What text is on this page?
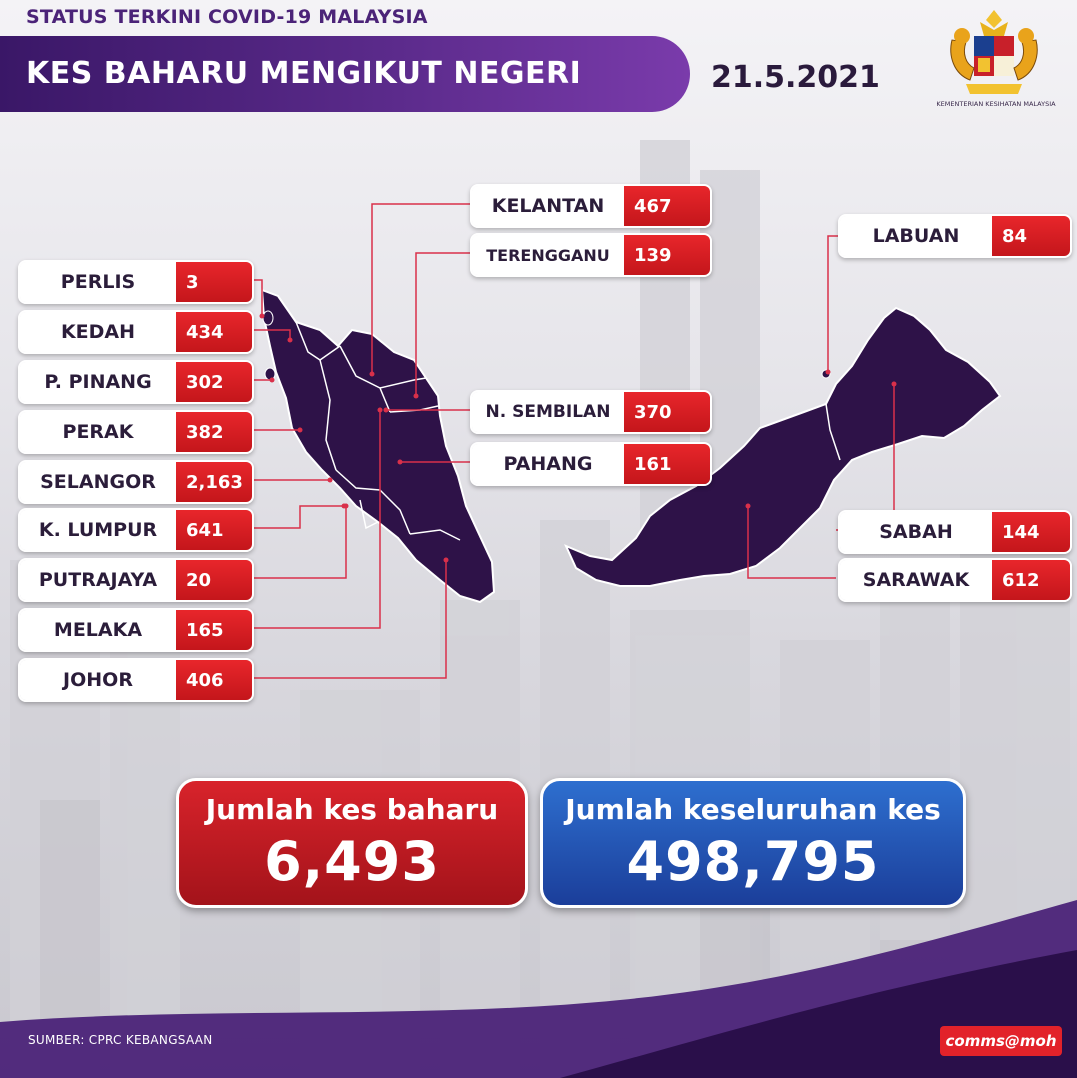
STATUS TERKINI COVID-19 MALAYSIA
KES BAHARU MENGIKUT NEGERI	21.5.2021
KEMENTERIAN KESIHATAN MALAYSIA
PERLIS	3
KEDAH	434
P. PINANG	302
PERAK	382
SELANGOR	2,163
K. LUMPUR	641
PUTRAJAYA	20
MELAKA	165
JOHOR	406
KELANTAN	467
TERENGGANU	139
N. SEMBILAN	370
PAHANG	161
LABUAN	84
SABAH	144
SARAWAK	612
Jumlah kes baharu
6,493
Jumlah keseluruhan kes
498,795
SUMBER: CPRC KEBANGSAAN	comms@moh
